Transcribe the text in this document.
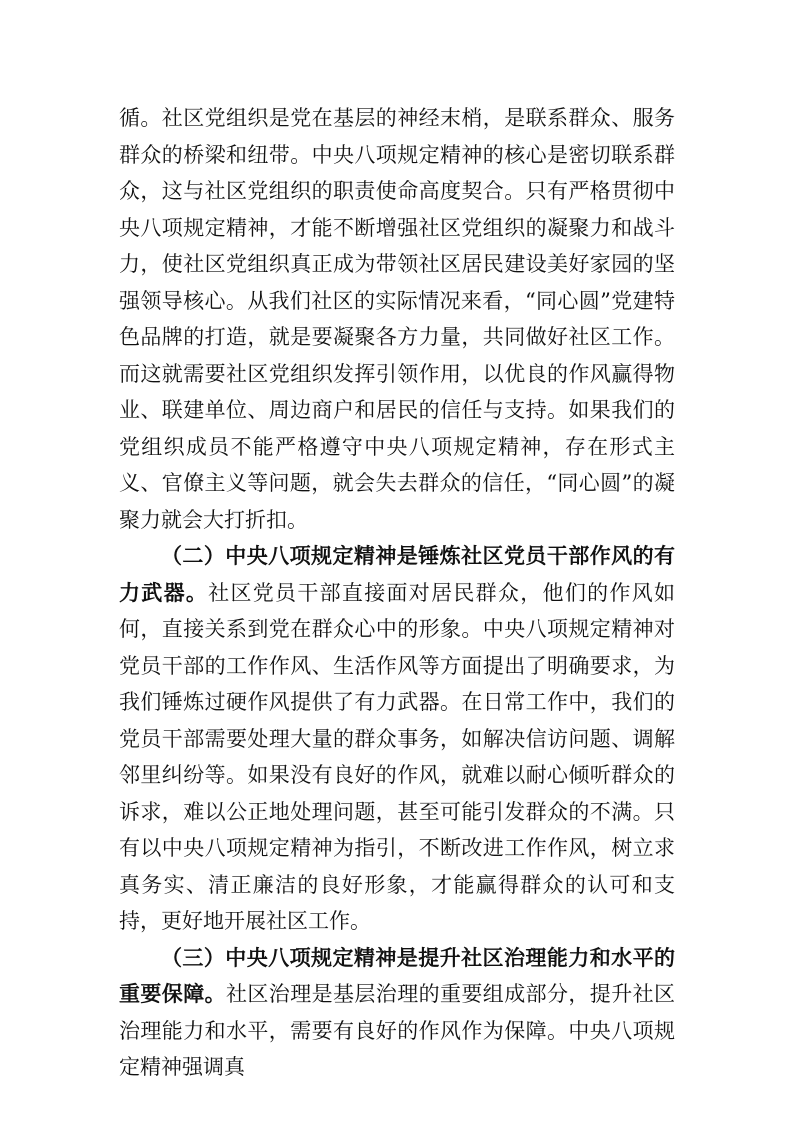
循。社区党组织是党在基层的神经末梢，是联系群众、服务群众的桥梁和纽带。中央八项规定精神的核心是密切联系群众，这与社区党组织的职责使命高度契合。只有严格贯彻中央八项规定精神，才能不断增强社区党组织的凝聚力和战斗力，使社区党组织真正成为带领社区居民建设美好家园的坚强领导核心。从我们社区的实际情况来看，“同心圆”党建特色品牌的打造，就是要凝聚各方力量，共同做好社区工作。而这就需要社区党组织发挥引领作用，以优良的作风赢得物业、联建单位、周边商户和居民的信任与支持。如果我们的党组织成员不能严格遵守中央八项规定精神，存在形式主义、官僚主义等问题，就会失去群众的信任，“同心圆”的凝聚力就会大打折扣。

（二）中央八项规定精神是锤炼社区党员干部作风的有力武器。社区党员干部直接面对居民群众，他们的作风如何，直接关系到党在群众心中的形象。中央八项规定精神对党员干部的工作作风、生活作风等方面提出了明确要求，为我们锤炼过硬作风提供了有力武器。在日常工作中，我们的党员干部需要处理大量的群众事务，如解决信访问题、调解邻里纠纷等。如果没有良好的作风，就难以耐心倾听群众的诉求，难以公正地处理问题，甚至可能引发群众的不满。只有以中央八项规定精神为指引，不断改进工作作风，树立求真务实、清正廉洁的良好形象，才能赢得群众的认可和支持，更好地开展社区工作。

（三）中央八项规定精神是提升社区治理能力和水平的重要保障。社区治理是基层治理的重要组成部分，提升社区治理能力和水平，需要有良好的作风作为保障。中央八项规定精神强调真
